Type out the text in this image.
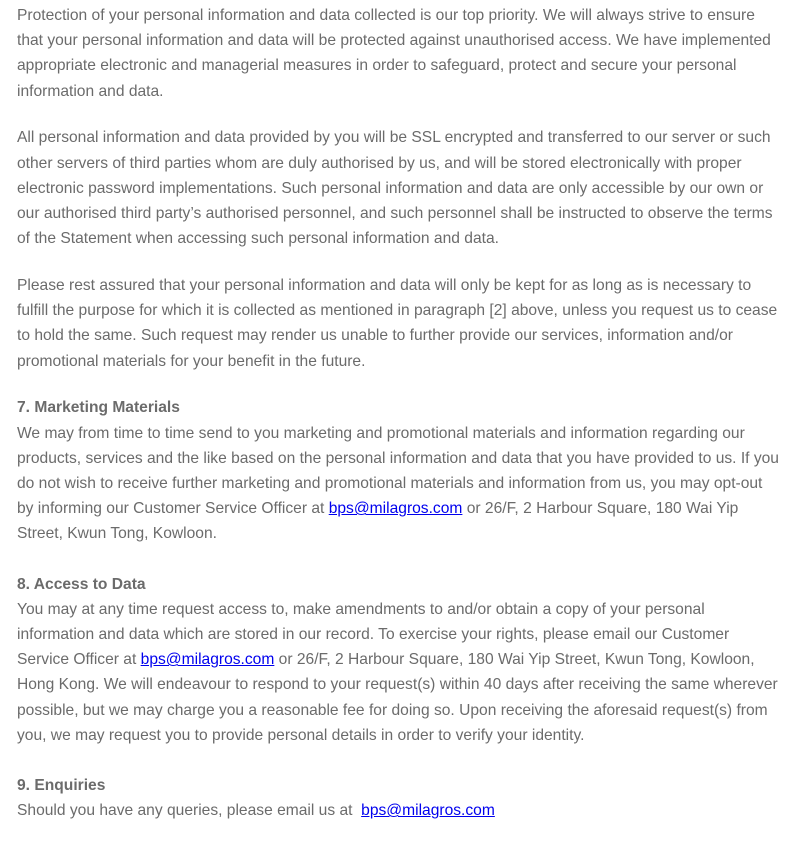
Protection of your personal information and data collected is our top priority. We will always strive to ensure that your personal information and data will be protected against unauthorised access. We have implemented appropriate electronic and managerial measures in order to safeguard, protect and secure your personal information and data.

All personal information and data provided by you will be SSL encrypted and transferred to our server or such other servers of third parties whom are duly authorised by us, and will be stored electronically with proper electronic password implementations. Such personal information and data are only accessible by our own or our authorised third party’s authorised personnel, and such personnel shall be instructed to observe the terms of the Statement when accessing such personal information and data.

Please rest assured that your personal information and data will only be kept for as long as is necessary to fulfill the purpose for which it is collected as mentioned in paragraph [2] above, unless you request us to cease to hold the same. Such request may render us unable to further provide our services, information and/or promotional materials for your benefit in the future.

7. Marketing Materials
We may from time to time send to you marketing and promotional materials and information regarding our products, services and the like based on the personal information and data that you have provided to us. If you do not wish to receive further marketing and promotional materials and information from us, you may opt-out by informing our Customer Service Officer at bps@milagros.com or 26/F, 2 Harbour Square, 180 Wai Yip Street, Kwun Tong, Kowloon.

8. Access to Data
You may at any time request access to, make amendments to and/or obtain a copy of your personal information and data which are stored in our record. To exercise your rights, please email our Customer Service Officer at bps@milagros.com or 26/F, 2 Harbour Square, 180 Wai Yip Street, Kwun Tong, Kowloon, Hong Kong. We will endeavour to respond to your request(s) within 40 days after receiving the same wherever possible, but we may charge you a reasonable fee for doing so. Upon receiving the aforesaid request(s) from you, we may request you to provide personal details in order to verify your identity.

9. Enquiries
Should you have any queries, please email us at  bps@milagros.com
